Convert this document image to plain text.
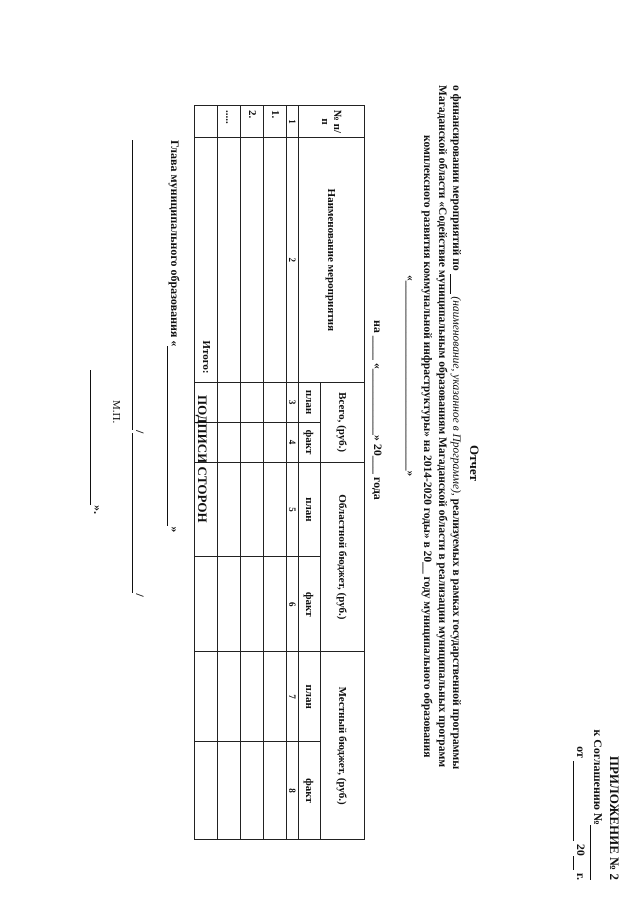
ПРИЛОЖЕНИЕ № 2
к Соглашению №
от  20 г.
Отчет
о финансировании мероприятий по  (наименование, указанное в Программе), реализуемых в рамках государственной программы
Магаданской области «Содействие муниципальным образованиям Магаданской области в реализации муниципальных программ
комплексного развития коммунальной инфраструктуры» на 2014-2020 годы» в 20__ году муниципального образования
«_________________________________»
на ____ «___________» 20___ года
№ п/п	Наименование мероприятия	Всего, (руб.)		Областной бюджет, (руб.)		Местный бюджет, (руб.)	
		план	факт	план	факт	план	факт
1	2	3	4	5	6	7	8
1.							
2.							
.....							
	Итого:						
ПОДПИСИ СТОРОН
Глава муниципального образования «»
//
М.П.
».
